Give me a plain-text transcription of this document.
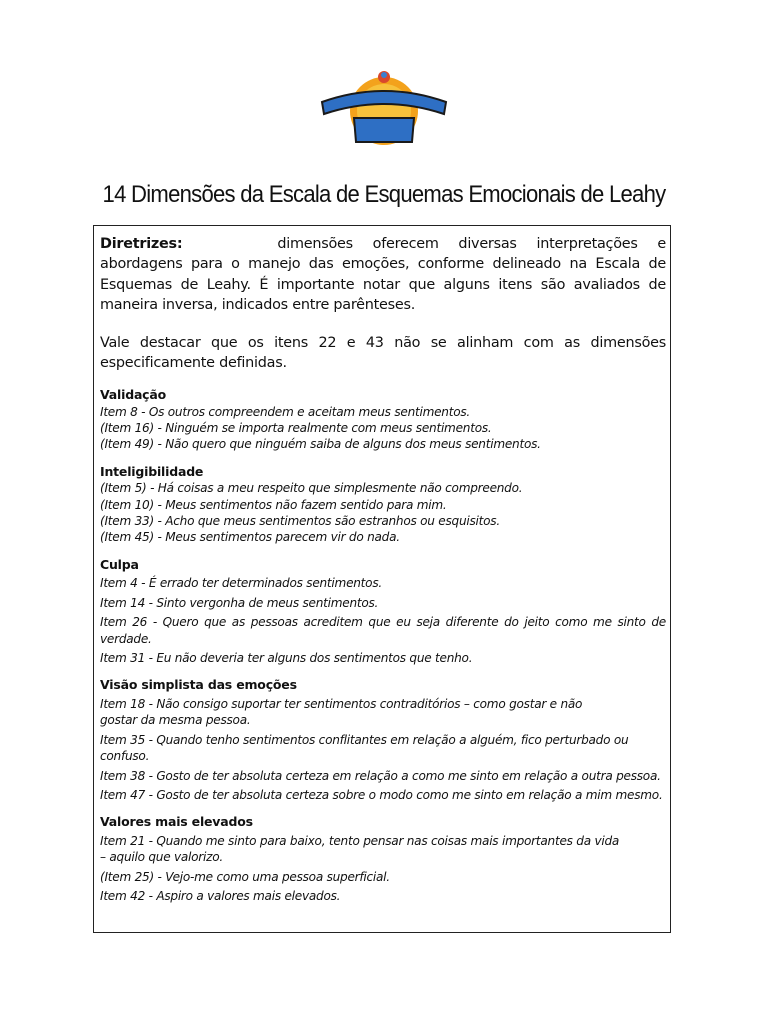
14 Dimensões da Escala de Esquemas Emocionais de Leahy

Diretrizes:	dimensões oferecem diversas interpretações e abordagens para o manejo das emoções, conforme delineado na Escala de Esquemas de Leahy. É importante notar que alguns itens são avaliados de maneira inversa, indicados entre parênteses.

Vale destacar que os itens 22 e 43 não se alinham com as dimensões especificamente definidas.

Validação
Item 8 - Os outros compreendem e aceitam meus sentimentos.
(Item 16) - Ninguém se importa realmente com meus sentimentos.
(Item 49) - Não quero que ninguém saiba de alguns dos meus sentimentos.
Inteligibilidade
(Item 5) - Há coisas a meu respeito que simplesmente não compreendo.
(Item 10) - Meus sentimentos não fazem sentido para mim.
(Item 33) - Acho que meus sentimentos são estranhos ou esquisitos.
(Item 45) - Meus sentimentos parecem vir do nada.
Culpa
Item 4 - É errado ter determinados sentimentos.
Item 14 - Sinto vergonha de meus sentimentos.
Item 26 - Quero que as pessoas acreditem que eu seja diferente do jeito como me sinto de verdade.
Item 31 - Eu não deveria ter alguns dos sentimentos que tenho.
Visão simplista das emoções
Item 18 - Não consigo suportar ter sentimentos contraditórios – como gostar e não gostar da mesma pessoa.
Item 35 - Quando tenho sentimentos conflitantes em relação a alguém, fico perturbado ou confuso.
Item 38 - Gosto de ter absoluta certeza em relação a como me sinto em relação a outra pessoa.
Item 47 - Gosto de ter absoluta certeza sobre o modo como me sinto em relação a mim mesmo.
Valores mais elevados
Item 21 - Quando me sinto para baixo, tento pensar nas coisas mais importantes da vida – aquilo que valorizo.
(Item 25) - Vejo-me como uma pessoa superficial.
Item 42 - Aspiro a valores mais elevados.
